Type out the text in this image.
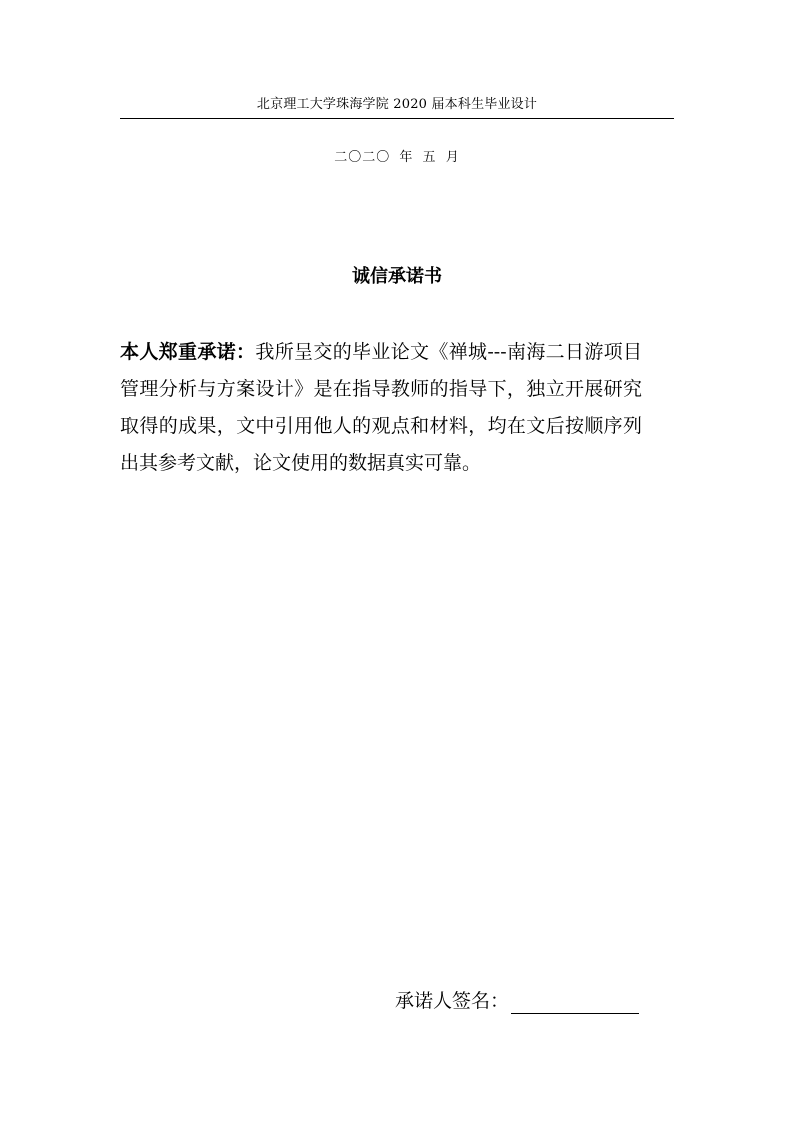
北京理工大学珠海学院 2020 届本科生毕业设计
二〇二〇 年 五 月
诚信承诺书

本人郑重承诺：我所呈交的毕业论文《禅城---南海二日游项目管理分析与方案设计》是在指导教师的指导下，独立开展研究取得的成果，文中引用他人的观点和材料，均在文后按顺序列出其参考文献，论文使用的数据真实可靠。

承诺人签名：
